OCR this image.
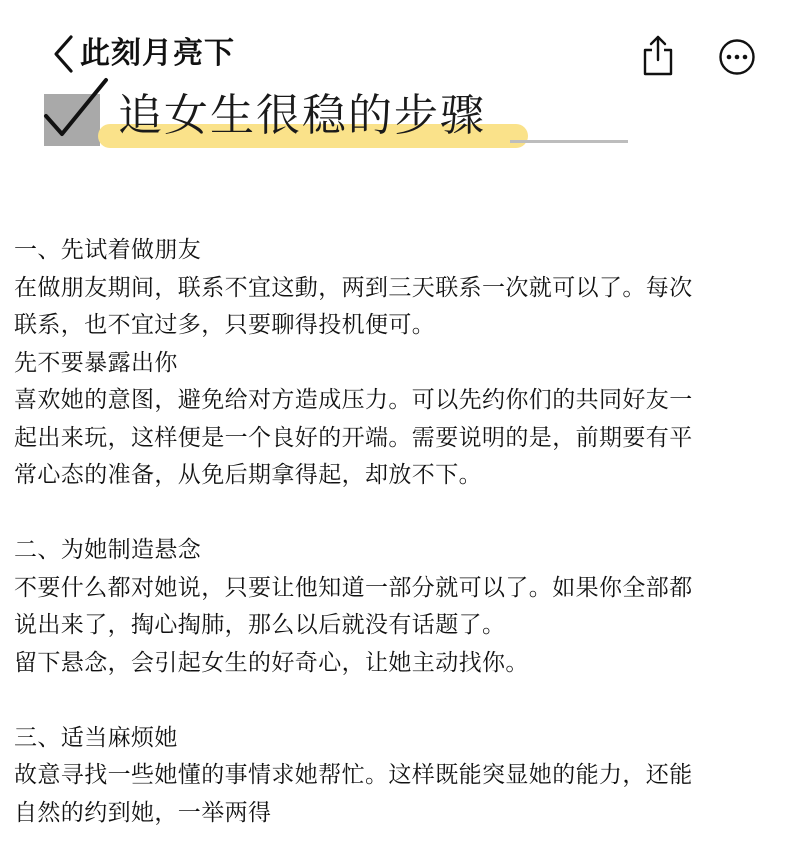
此刻月亮下
追女生很稳的步骤

一、先试着做朋友

在做朋友期间，联系不宜这動，两到三天联系一次就可以了。每次

联系，也不宜过多，只要聊得投机便可。

先不要暴露出你

喜欢她的意图，避免给对方造成压力。可以先约你们的共同好友一

起出来玩，这样便是一个良好的开端。需要说明的是，前期要有平

常心态的准备，从免后期拿得起，却放不下。

二、为她制造悬念

不要什么都对她说，只要让他知道一部分就可以了。如果你全部都

说出来了，掏心掏肺，那么以后就没有话题了。

留下悬念，会引起女生的好奇心，让她主动找你。

三、适当麻烦她

故意寻找一些她懂的事情求她帮忙。这样既能突显她的能力，还能

自然的约到她，一举两得
